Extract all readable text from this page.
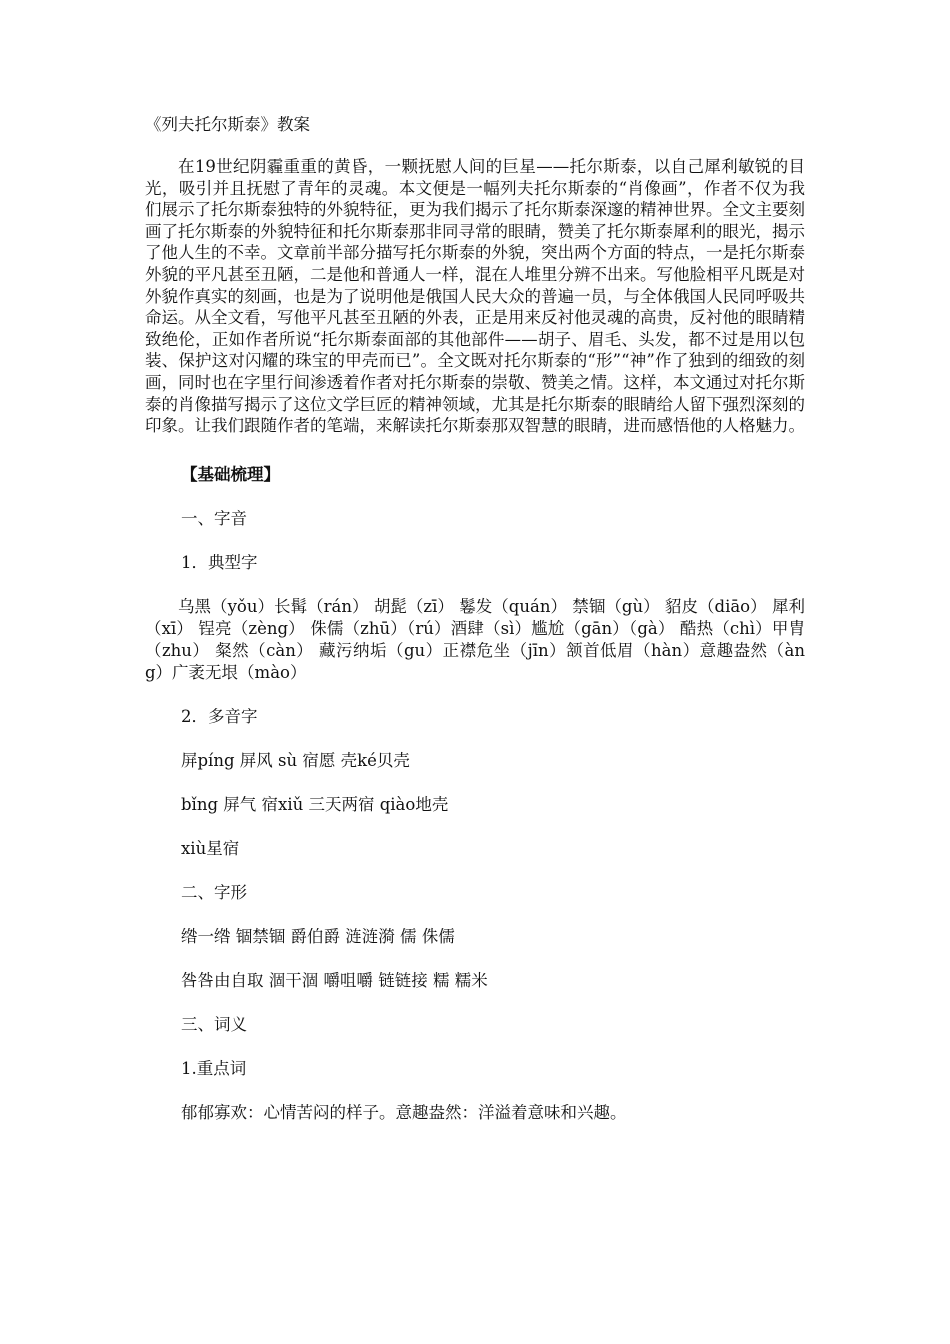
《列夫托尔斯泰》教案

在19世纪阴霾重重的黄昏，一颗抚慰人间的巨星——托尔斯泰，以自己犀利敏锐的目光，吸引并且抚慰了青年的灵魂。本文便是一幅列夫托尔斯泰的“肖像画”，作者不仅为我们展示了托尔斯泰独特的外貌特征，更为我们揭示了托尔斯泰深邃的精神世界。全文主要刻画了托尔斯泰的外貌特征和托尔斯泰那非同寻常的眼睛，赞美了托尔斯泰犀利的眼光，揭示了他人生的不幸。文章前半部分描写托尔斯泰的外貌，突出两个方面的特点，一是托尔斯泰外貌的平凡甚至丑陋，二是他和普通人一样，混在人堆里分辨不出来。写他脸相平凡既是对外貌作真实的刻画，也是为了说明他是俄国人民大众的普遍一员，与全体俄国人民同呼吸共命运。从全文看，写他平凡甚至丑陋的外表，正是用来反衬他灵魂的高贵，反衬他的眼睛精致绝伦，正如作者所说“托尔斯泰面部的其他部件——胡子、眉毛、头发，都不过是用以包装、保护这对闪耀的珠宝的甲壳而已”。全文既对托尔斯泰的“形”“神”作了独到的细致的刻画，同时也在字里行间渗透着作者对托尔斯泰的崇敬、赞美之情。这样，本文通过对托尔斯泰的肖像描写揭示了这位文学巨匠的精神领域，尤其是托尔斯泰的眼睛给人留下强烈深刻的印象。让我们跟随作者的笔端，来解读托尔斯泰那双智慧的眼睛，进而感悟他的人格魅力。

【基础梳理】
一、字音
1．典型字

乌黑（yǒu）长髯（rán） 胡髭（zī） 鬈发（quán） 禁锢（gù） 貂皮（diāo） 犀利（xī） 锃亮（zèng） 侏儒（zhū）（rú）酒肆（sì）尴尬（gān）（gà） 酷热（chì）甲胄（zhu） 粲然（càn） 藏污纳垢（gu）正襟危坐（jīn）颔首低眉（hàn）意趣盎然（àng）广袤无垠（mào）

2．多音字
屏píng 屏风 sù 宿愿 壳ké贝壳
bǐng 屏气 宿xiǔ 三天两宿 qiào地壳
xiù星宿
二、字形
绺一绺 锢禁锢 爵伯爵 涟涟漪 儒 侏儒
咎咎由自取 涸干涸 嚼咀嚼 链链接 糯 糯米
三、词义
1.重点词
郁郁寡欢：心情苦闷的样子。意趣盎然：洋溢着意味和兴趣。
